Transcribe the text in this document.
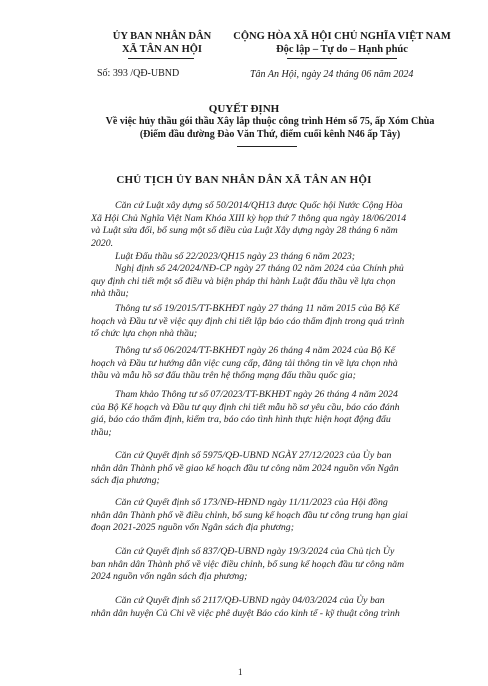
ỦY BAN NHÂN DÂN
XÃ TÂN AN HỘI
CỘNG HÒA XÃ HỘI CHỦ NGHĨA VIỆT NAM
Độc lập – Tự do – Hạnh phúc
Số: 393 /QĐ-UBND	Tân An Hội, ngày 24 tháng 06 năm 2024
QUYẾT ĐỊNH
Về việc hủy thầu gói thầu Xây lắp thuộc công trình Hẻm số 75, ấp Xóm Chùa (Điểm đầu đường Đào Văn Thứ, điểm cuối kênh N46 ấp Tây)
CHỦ TỊCH ỦY BAN NHÂN DÂN XÃ TÂN AN HỘI
Căn cứ Luật xây dựng số 50/2014/QH13 được Quốc hội Nước Cộng Hòa
Xã Hội Chủ Nghĩa Việt Nam Khóa XIII kỳ họp thứ 7 thông qua ngày 18/06/2014
và Luật sửa đổi, bổ sung một số điều của Luật Xây dựng ngày 28 tháng 6 năm
2020.
Luật Đấu thầu số 22/2023/QH15 ngày 23 tháng 6 năm 2023;
Nghị định số 24/2024/NĐ-CP ngày 27 tháng 02 năm 2024 của Chính phủ
quy định chi tiết một số điều và biện pháp thi hành Luật đấu thầu về lựa chọn
nhà thầu;
Thông tư số 19/2015/TT-BKHĐT ngày 27 tháng 11 năm 2015 của Bộ Kế
hoạch và Đầu tư về việc quy định chi tiết lập báo cáo thẩm định trong quá trình
tổ chức lựa chọn nhà thầu;
Thông tư số 06/2024/TT-BKHĐT ngày 26 tháng 4 năm 2024 của Bộ Kế
hoạch và Đầu tư hướng dẫn việc cung cấp, đăng tải thông tin về lựa chọn nhà
thầu và mẫu hồ sơ đấu thầu trên hệ thống mạng đấu thầu quốc gia;
Tham khảo Thông tư số 07/2023/TT-BKHĐT ngày 26 tháng 4 năm 2024
của Bộ Kế hoạch và Đầu tư quy định chi tiết mẫu hồ sơ yêu cầu, báo cáo đánh
giá, báo cáo thẩm định, kiểm tra, báo cáo tình hình thực hiện hoạt động đấu
thầu;
Căn cứ Quyết định số 5975/QĐ-UBND NGÀY 27/12/2023 của Ủy ban
nhân dân Thành phố về giao kế hoạch đầu tư công năm 2024 nguồn vốn Ngân
sách địa phương;
Căn cứ Quyết định số 173/NĐ-HĐND ngày 11/11/2023 của Hội đồng
nhân dân Thành phố về điều chỉnh, bổ sung kế hoạch đầu tư công trung hạn giai
đoạn 2021-2025 nguồn vốn Ngân sách địa phương;
Căn cứ Quyết định số 837/QĐ-UBND ngày 19/3/2024 của Chủ tịch Ủy
ban nhân dân Thành phố về việc điều chỉnh, bổ sung kế hoạch đầu tư công năm
2024 nguồn vốn ngân sách địa phương;
Căn cứ Quyết định số 2117/QĐ-UBND ngày 04/03/2024 của Ủy ban
nhân dân huyện Củ Chi về việc phê duyệt Báo cáo kinh tế - kỹ thuật công trình
1
